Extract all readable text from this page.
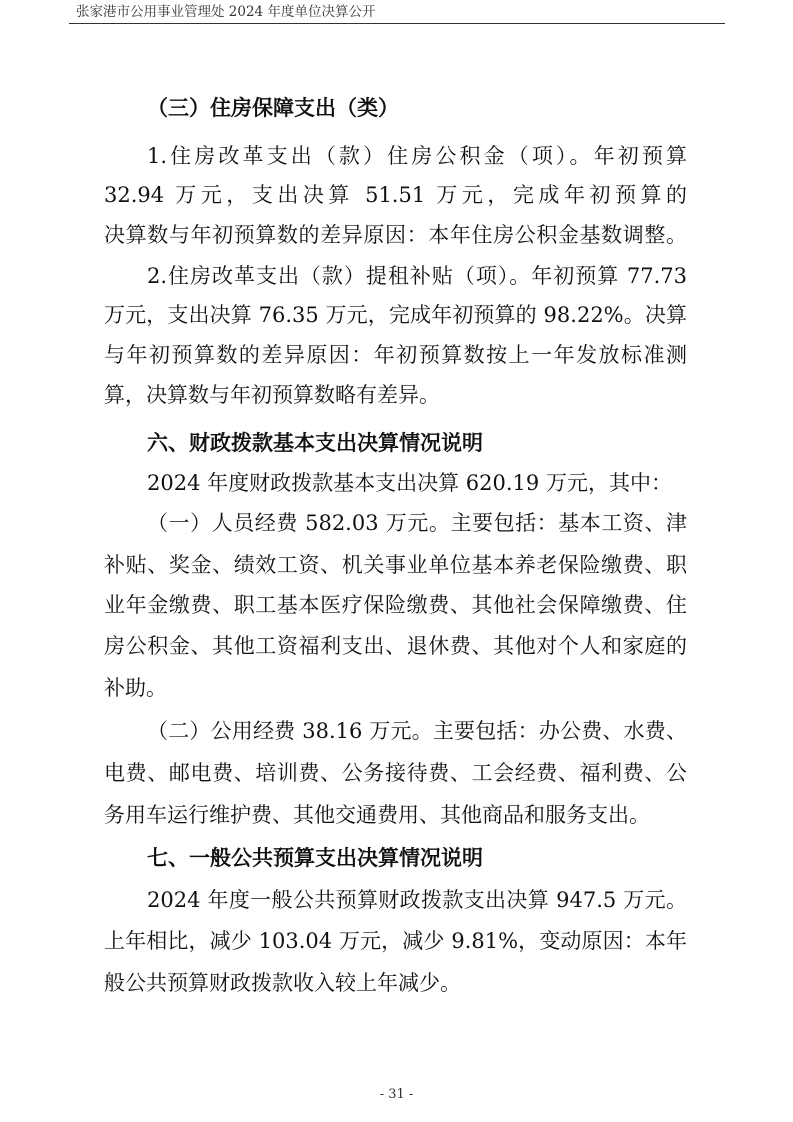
张家港市公用事业管理处 2024 年度单位决算公开
（三）住房保障支出（类）
1.住房改革支出（款）住房公积金（项）。年初预算
32.94 万元，支出决算 51.51 万元，完成年初预算的
决算数与年初预算数的差异原因：本年住房公积金基数调整。
2.住房改革支出（款）提租补贴（项）。年初预算 77.73
万元，支出决算 76.35 万元，完成年初预算的 98.22%。决算
与年初预算数的差异原因：年初预算数按上一年发放标准测
算，决算数与年初预算数略有差异。
六、财政拨款基本支出决算情况说明
2024 年度财政拨款基本支出决算 620.19 万元，其中：
（一）人员经费 582.03 万元。主要包括：基本工资、津
补贴、奖金、绩效工资、机关事业单位基本养老保险缴费、职
业年金缴费、职工基本医疗保险缴费、其他社会保障缴费、住
房公积金、其他工资福利支出、退休费、其他对个人和家庭的
补助。
（二）公用经费 38.16 万元。主要包括：办公费、水费、
电费、邮电费、培训费、公务接待费、工会经费、福利费、公
务用车运行维护费、其他交通费用、其他商品和服务支出。
七、一般公共预算支出决算情况说明
2024 年度一般公共预算财政拨款支出决算 947.5 万元。
上年相比，减少 103.04 万元，减少 9.81%，变动原因：本年
般公共预算财政拨款收入较上年减少。
- 31 -
